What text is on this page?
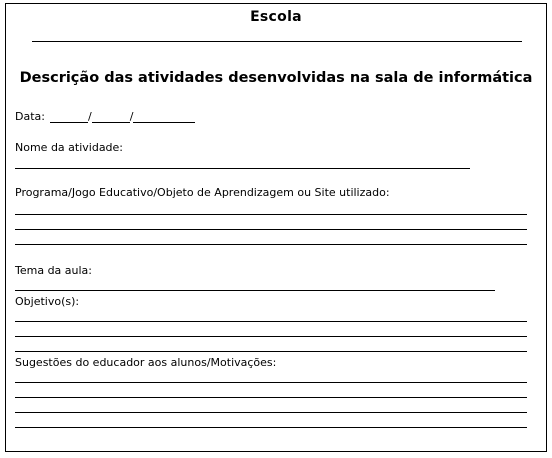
Escola
Descrição das atividades desenvolvidas na sala de informática
Data:	/	/
Nome da atividade:
Programa/Jogo Educativo/Objeto de Aprendizagem ou Site utilizado:
Tema da aula:
Objetivo(s):
Sugestões do educador aos alunos/Motivações:
